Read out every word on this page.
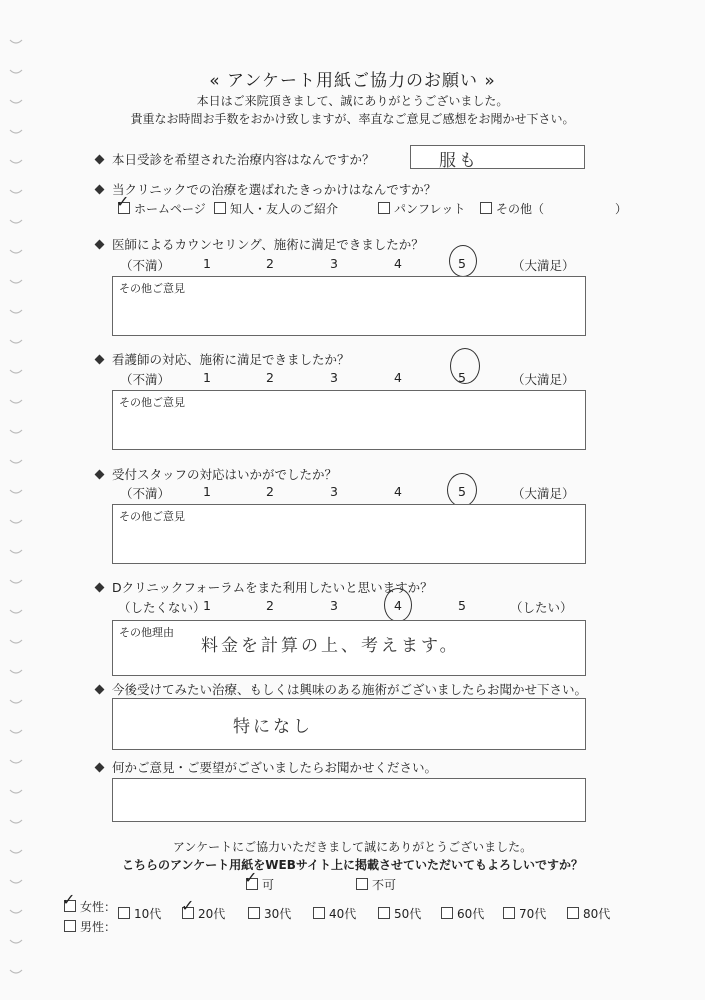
« アンケート用紙ご協力のお願い »
本日はご来院頂きまして、誠にありがとうございました。
貴重なお時間お手数をおかけ致しますが、率直なご意見ご感想をお聞かせ下さい。
本日受診を希望された治療内容はなんですか？	服も
当クリニックでの治療を選ばれたきっかけはなんですか？
ホームページ
✓	知人・友人のご紹介	パンフレット	その他（	）
医師によるカウンセリング、施術に満足できましたか？
（不満）	1	2	3	4	5	（大満足）
その他ご意見
看護師の対応、施術に満足できましたか？
（不満）	1	2	3	4	5	（大満足）
その他ご意見
受付スタッフの対応はいかがでしたか？
（不満）	1	2	3	4	5	（大満足）
その他ご意見
Dクリニックフォーラムをまた利用したいと思いますか？
（したくない）
1	2	3	4	5	（したい）
その他理由
料金を計算の上、考えます。
今後受けてみたい治療、もしくは興味のある施術がございましたらお聞かせ下さい。
特になし
何かご意見・ご要望がございましたらお聞かせください。
アンケートにご協力いただきまして誠にありがとうございました。
こちらのアンケート用紙をWEBサイト上に掲載させていただいてもよろしいですか？
可
✓	不可
女性：
✓
男性：
10代	20代
✓	30代	40代	50代	60代	70代	80代
